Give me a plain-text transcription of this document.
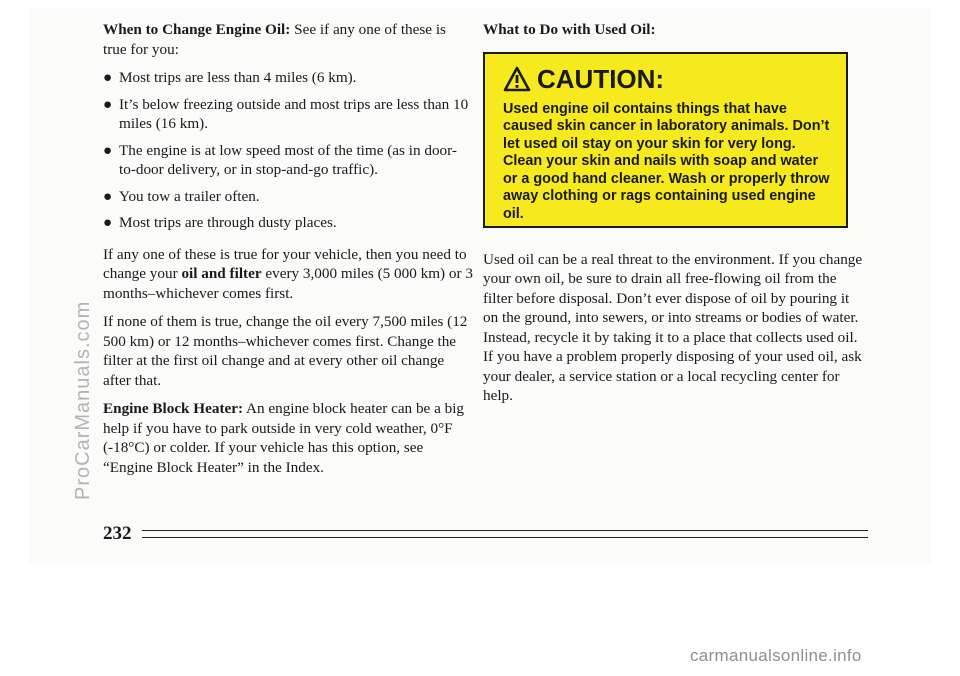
When to Change Engine Oil: See if any one of these is true for you:

● Most trips are less than 4 miles (6 km).
● It’s below freezing outside and most trips are less than 10 miles (16 km).
● The engine is at low speed most of the time (as in door-to-door delivery, or in stop-and-go traffic).
● You tow a trailer often.
● Most trips are through dusty places.

If any one of these is true for your vehicle, then you need to change your oil and filter every 3,000 miles (5 000 km) or 3 months–whichever comes first.

If none of them is true, change the oil every 7,500 miles (12 500 km) or 12 months–whichever comes first. Change the filter at the first oil change and at every other oil change after that.

Engine Block Heater: An engine block heater can be a big help if you have to park outside in very cold weather, 0°F (-18°C) or colder. If your vehicle has this option, see “Engine Block Heater” in the Index.

What to Do with Used Oil:
CAUTION:
Used engine oil contains things that have caused skin cancer in laboratory animals. Don’t let used oil stay on your skin for very long. Clean your skin and nails with soap and water or a good hand cleaner. Wash or properly throw away clothing or rags containing used engine oil.

Used oil can be a real threat to the environment. If you change your own oil, be sure to drain all free-flowing oil from the filter before disposal. Don’t ever dispose of oil by pouring it on the ground, into sewers, or into streams or bodies of water. Instead, recycle it by taking it to a place that collects used oil. If you have a problem properly disposing of your used oil, ask your dealer, a service station or a local recycling center for help.

232
ProCarManuals.com
carmanualsonline.info
